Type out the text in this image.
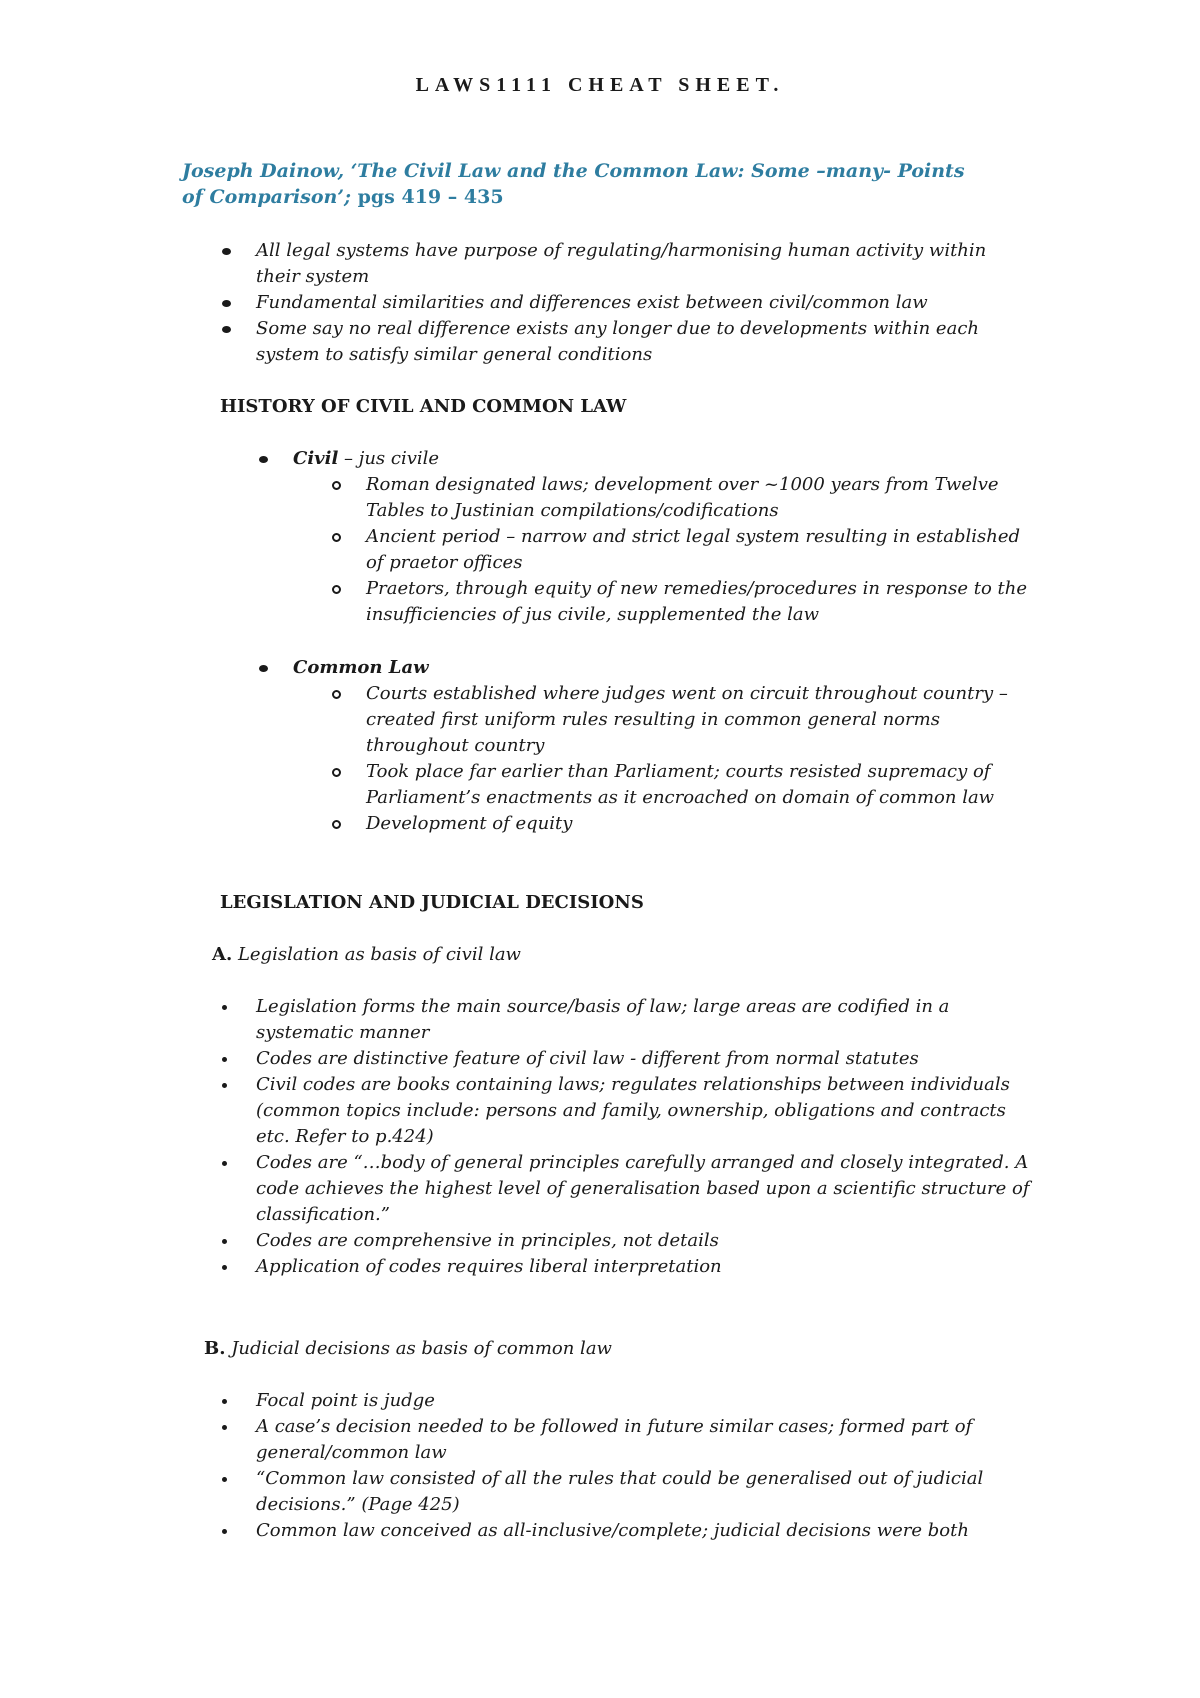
LAWS1111 CHEAT SHEET.
Joseph Dainow, ‘The Civil Law and the Common Law: Some –many- Points of Comparison’; pgs 419 – 435
All legal systems have purpose of regulating/harmonising human activity within their system
Fundamental similarities and differences exist between civil/common law
Some say no real difference exists any longer due to developments within each system to satisfy similar general conditions
HISTORY OF CIVIL AND COMMON LAW
Civil – jus civile
Roman designated laws; development over ~1000 years from Twelve Tables to Justinian compilations/codifications
Ancient period – narrow and strict legal system resulting in established of praetor offices
Praetors, through equity of new remedies/procedures in response to the insufficiencies of jus civile, supplemented the law
Common Law
Courts established where judges went on circuit throughout country – created first uniform rules resulting in common general norms throughout country
Took place far earlier than Parliament; courts resisted supremacy of Parliament’s enactments as it encroached on domain of common law
Development of equity
LEGISLATION AND JUDICIAL DECISIONS
A. Legislation as basis of civil law
Legislation forms the main source/basis of law; large areas are codified in a systematic manner
Codes are distinctive feature of civil law - different from normal statutes
Civil codes are books containing laws; regulates relationships between individuals (common topics include: persons and family, ownership, obligations and contracts etc. Refer to p.424)
Codes are “…body of general principles carefully arranged and closely integrated. A code achieves the highest level of generalisation based upon a scientific structure of classification.”
Codes are comprehensive in principles, not details
Application of codes requires liberal interpretation
B. Judicial decisions as basis of common law
Focal point is judge
A case’s decision needed to be followed in future similar cases; formed part of general/common law
“Common law consisted of all the rules that could be generalised out of judicial decisions.” (Page 425)
Common law conceived as all-inclusive/complete; judicial decisions were both
